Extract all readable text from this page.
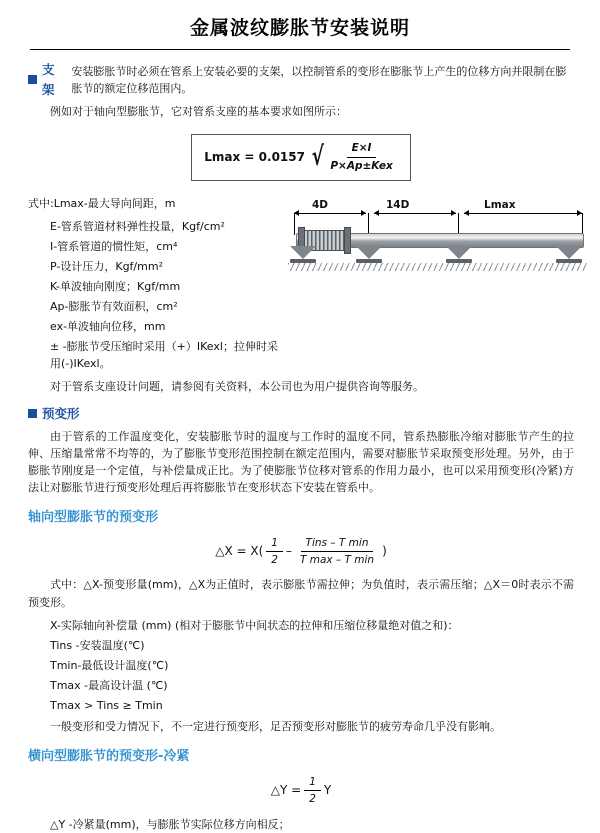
金属波纹膨胀节安装说明
支架
安装膨胀节时必须在管系上安装必要的支架，以控制管系的变形在膨胀节上产生的位移方向并限制在膨胀节的额定位移范围内。

例如对于轴向型膨胀节，它对管系支座的基本要求如图所示：

Lmax = 0.0157 √	E×I
P×Ap±Kex

式中:Lmax-最大导向间距，m

E-管系管道材料弹性投量，Kgf/cm²
I-管系管道的惯性矩，cm⁴
P-设计压力，Kgf/mm²
K-单波轴向刚度；Kgf/mm
Ap-膨胀节有效面积，cm²
ex-单波轴向位移，mm
± -膨胀节受压缩时采用（+）IKexl；拉伸时采用(-)IKexl。
4D	14D	Lmax

对于管系支座设计问题，请参阅有关资料，本公司也为用户提供咨询等服务。

预变形

由于管系的工作温度变化，安装膨胀节时的温度与工作时的温度不同，管系热膨胀冷缩对膨胀节产生的拉伸、压缩量常常不均等的，为了膨胀节变形范围控制在额定范围内，需要对膨胀节采取预变形处理。另外，由于膨胀节刚度是一个定值，与补偿量成正比。为了使膨胀节位移对管系的作用力最小，也可以采用预变形(冷紧)方法让对膨胀节进行预变形处理后再将膨胀节在变形状态下安装在管系中。

轴向型膨胀节的预变形
△X = X(
1
2
–
Tins – T min
T max – T min
)

式中：△X-预变形量(mm)，△X为正值时，表示膨胀节需拉伸；为负值时，表示需压缩；△X＝0时表示不需预变形。

X-实际轴向补偿量 (mm) (相对于膨胀节中间状态的拉伸和压缩位移量绝对值之和)：
Tins -安装温度(℃)
Tmin-最低设计温度(℃)
Tmax -最高设计温 (℃)
Tmax > Tins ≥ Tmin

一般变形和受力情况下，不一定进行预变形，足否预变形对膨胀节的疲劳寿命几乎没有影响。

横向型膨胀节的预变形-冷紧
△Y = $\frac{1}{2}$ Y

△Y -冷紧量(mm)，与膨胀节实际位移方向相反；
